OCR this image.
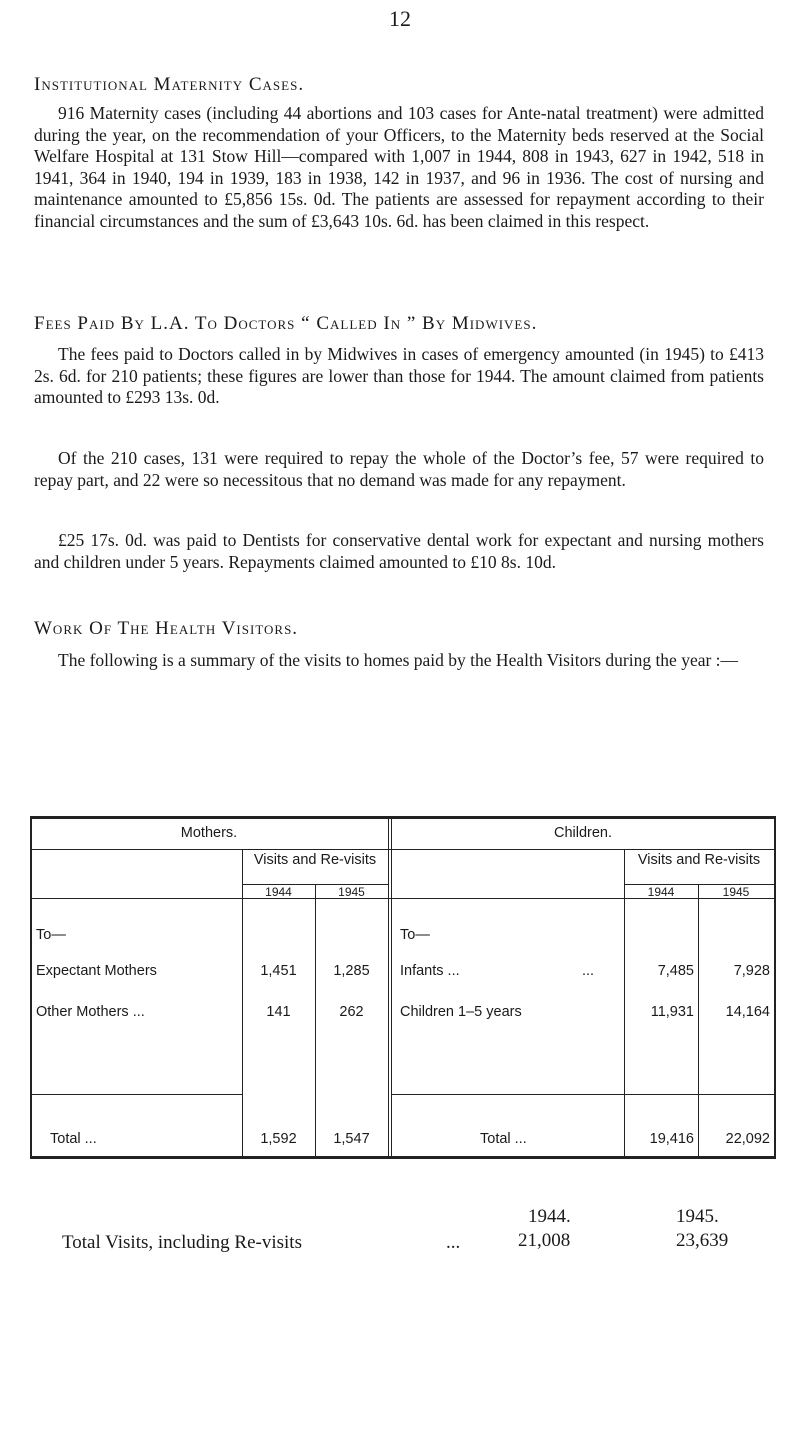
12
Institutional Maternity Cases.

916 Maternity cases (including 44 abortions and 103 cases for Ante-natal treatment) were admitted during the year, on the recommendation of your Officers, to the Maternity beds reserved at the Social Welfare Hospital at 131 Stow Hill—compared with 1,007 in 1944, 808 in 1943, 627 in 1942, 518 in 1941, 364 in 1940, 194 in 1939, 183 in 1938, 142 in 1937, and 96 in 1936. The cost of nursing and maintenance amounted to £5,856 15s. 0d. The patients are assessed for repayment according to their financial circumstances and the sum of £3,643 10s. 6d. has been claimed in this respect.

Fees Paid By L.A. To Doctors “ Called In ” By Midwives.

The fees paid to Doctors called in by Midwives in cases of emergency amounted (in 1945) to £413 2s. 6d. for 210 patients; these figures are lower than those for 1944. The amount claimed from patients amounted to £293 13s. 0d.

Of the 210 cases, 131 were required to repay the whole of the Doctor’s fee, 57 were required to repay part, and 22 were so necessitous that no demand was made for any repayment.

£25 17s. 0d. was paid to Dentists for conservative dental work for expectant and nursing mothers and children under 5 years. Repayments claimed amounted to £10 8s. 10d.

Work Of The Health Visitors.

The following is a summary of the visits to homes paid by the Health Visitors during the year :—

Mothers.	Children.
Visits and Re-visits	Visits and Re-visits
1944	1945	1944	1945
To—
Expectant Mothers	1,451	1,285
Other Mothers ...	141	262
Total ...	1,592	1,547
To—
Infants ...	...	7,485	7,928
Children 1–5 years	11,931	14,164
Total ...	19,416	22,092
1944.	1945.
Total Visits, including Re-visits	...	21,008	23,639
